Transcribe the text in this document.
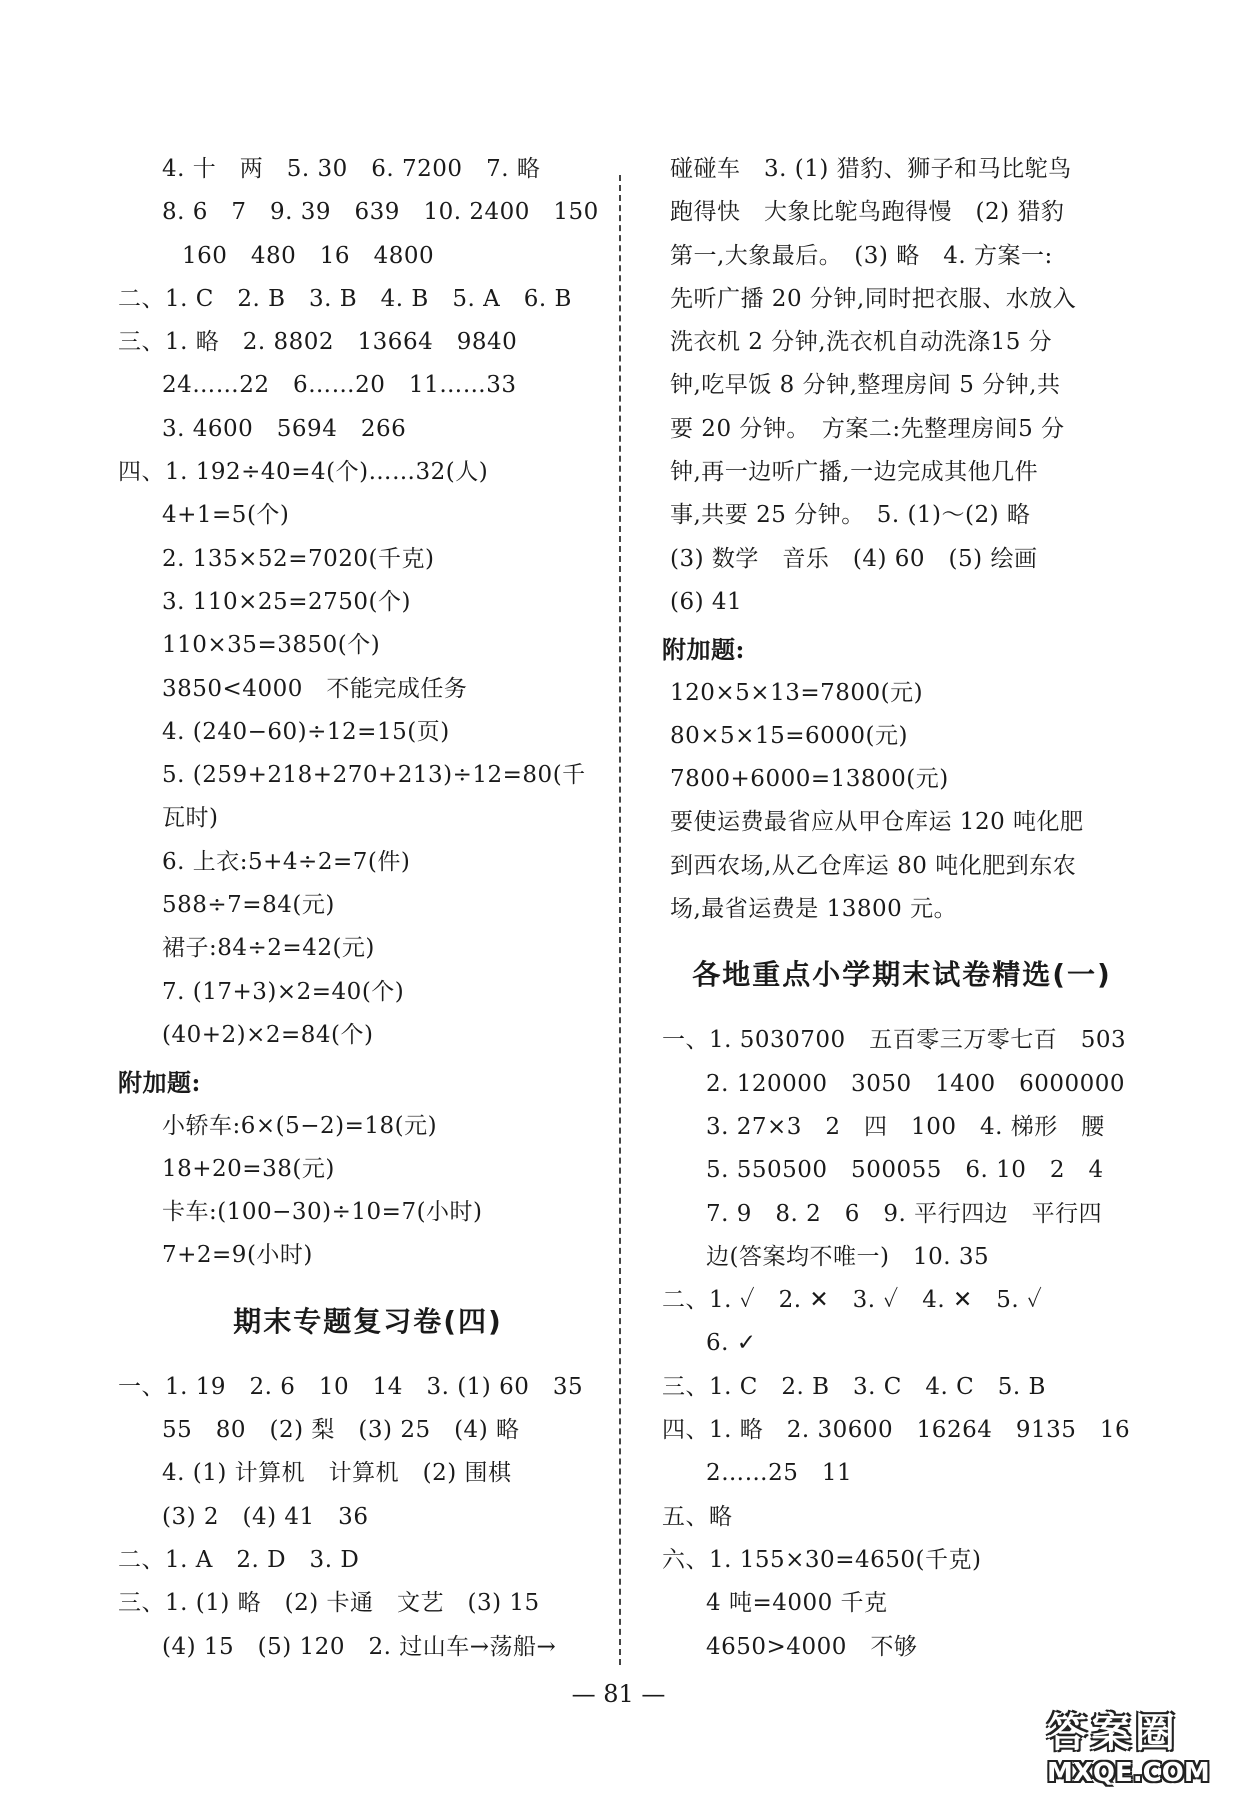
4. 十　两　5. 30　6. 7200　7. 略
8. 6　7　9. 39　639　10. 2400　150
160　480　16　4800
二、1. C　2. B　3. B　4. B　5. A　6. B
三、1. 略　2. 8802　13664　9840
24……22　6……20　11……33
3. 4600　5694　266
四、1. 192÷40=4(个)……32(人)
4+1=5(个)
2. 135×52=7020(千克)
3. 110×25=2750(个)
110×35=3850(个)
3850<4000　不能完成任务
4. (240−60)÷12=15(页)
5. (259+218+270+213)÷12=80(千
瓦时)
6. 上衣:5+4÷2=7(件)
588÷7=84(元)
裙子:84÷2=42(元)
7. (17+3)×2=40(个)
(40+2)×2=84(个)
附加题:
小轿车:6×(5−2)=18(元)
18+20=38(元)
卡车:(100−30)÷10=7(小时)
7+2=9(小时)
期末专题复习卷(四)
一、1. 19　2. 6　10　14　3. (1) 60　35
55　80　(2) 梨　(3) 25　(4) 略
4. (1) 计算机　计算机　(2) 围棋
(3) 2　(4) 41　36
二、1. A　2. D　3. D
三、1. (1) 略　(2) 卡通　文艺　(3) 15
(4) 15　(5) 120　2. 过山车→荡船→
碰碰车　3. (1) 猎豹、狮子和马比鸵鸟
跑得快　大象比鸵鸟跑得慢　(2) 猎豹
第一,大象最后。　(3) 略　4. 方案一:
先听广播 20 分钟,同时把衣服、水放入
洗衣机 2 分钟,洗衣机自动洗涤15 分
钟,吃早饭 8 分钟,整理房间 5 分钟,共
要 20 分钟。　方案二:先整理房间5 分
钟,再一边听广播,一边完成其他几件
事,共要 25 分钟。　5. (1)～(2) 略
(3) 数学　音乐　(4) 60　(5) 绘画
(6) 41
附加题:
120×5×13=7800(元)
80×5×15=6000(元)
7800+6000=13800(元)
要使运费最省应从甲仓库运 120 吨化肥
到西农场,从乙仓库运 80 吨化肥到东农
场,最省运费是 13800 元。
各地重点小学期末试卷精选(一)
一、1. 5030700　五百零三万零七百　503
2. 120000　3050　1400　6000000
3. 27×3　2　四　100　4. 梯形　腰
5. 550500　500055　6. 10　2　4
7. 9　8. 2　6　9. 平行四边　平行四
边(答案均不唯一)　10. 35
二、1. ✓　2. ✕　3. ✓　4. ✕　5. ✓
6. ✓
三、1. C　2. B　3. C　4. C　5. B
四、1. 略　2. 30600　16264　9135　16
2……25　11
五、略
六、1. 155×30=4650(千克)
4 吨=4000 千克
4650>4000　不够
— 81 —
答案圈
MXQE.COM
